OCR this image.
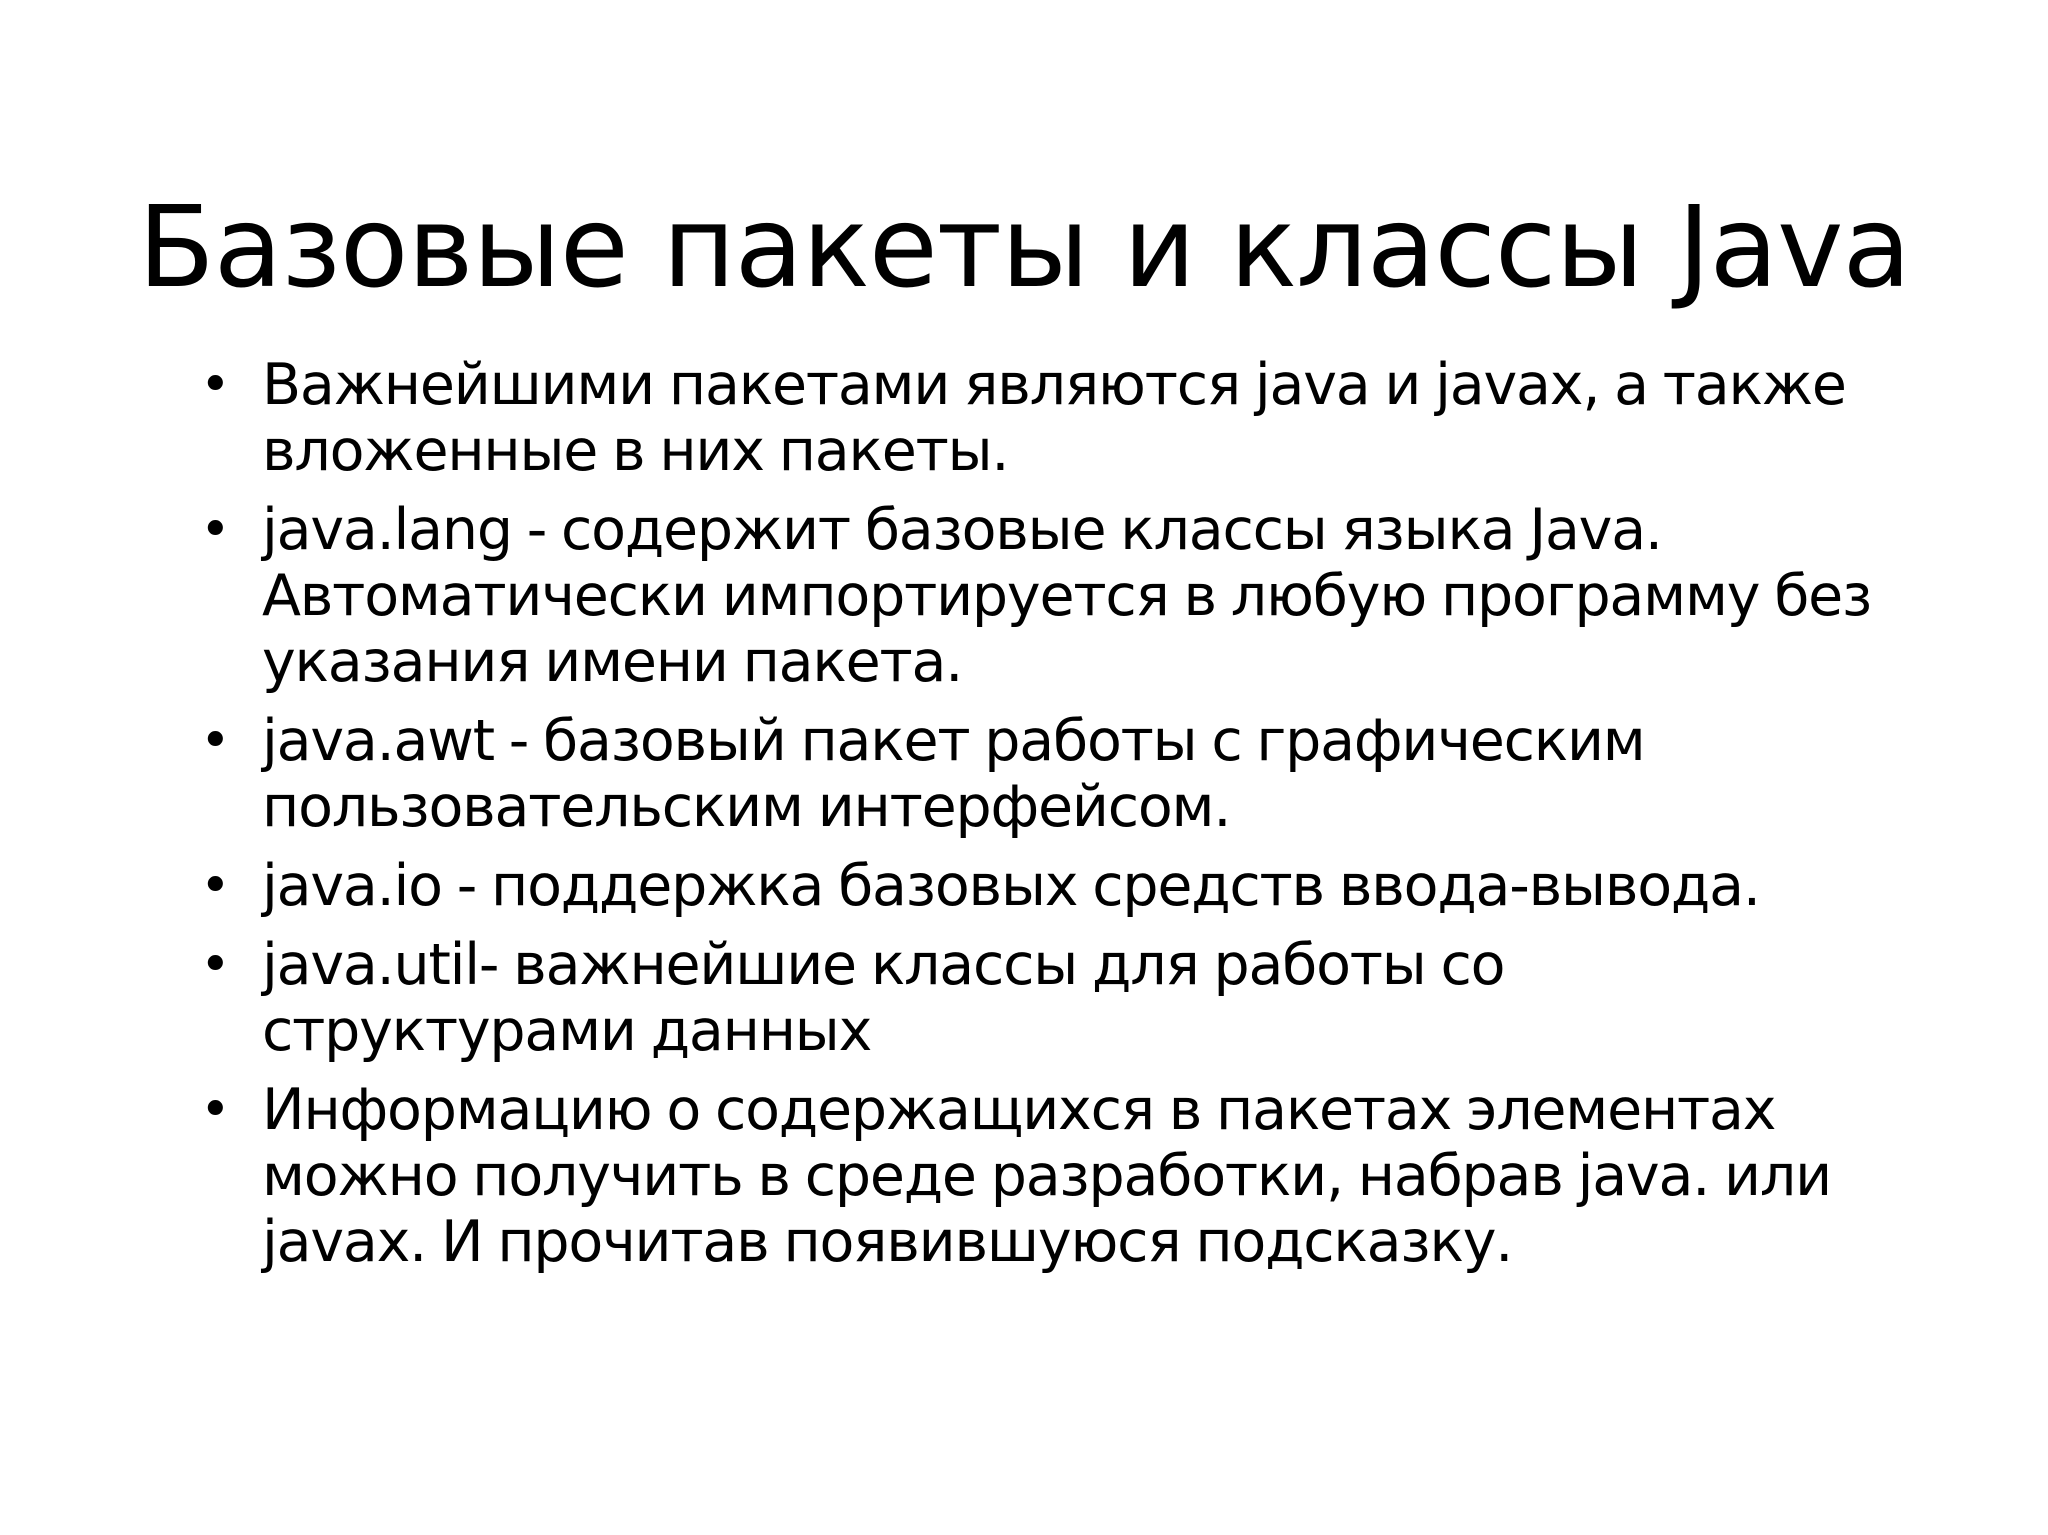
Базовые пакеты и классы Java
• Важнейшими пакетами являются java и javax, а также вложенные в них пакеты.
• java.lang - содержит базовые классы языка Java. Автоматически импортируется в любую программу без указания имени пакета.
• java.awt - базовый пакет работы с графическим пользовательским интерфейсом.
• java.io - поддержка базовых средств ввода-вывода.
• java.util- важнейшие классы для работы со структурами данных
• Информацию о содержащихся в пакетах элементах можно получить в среде разработки, набрав java. или javax. И прочитав появившуюся подсказку.
